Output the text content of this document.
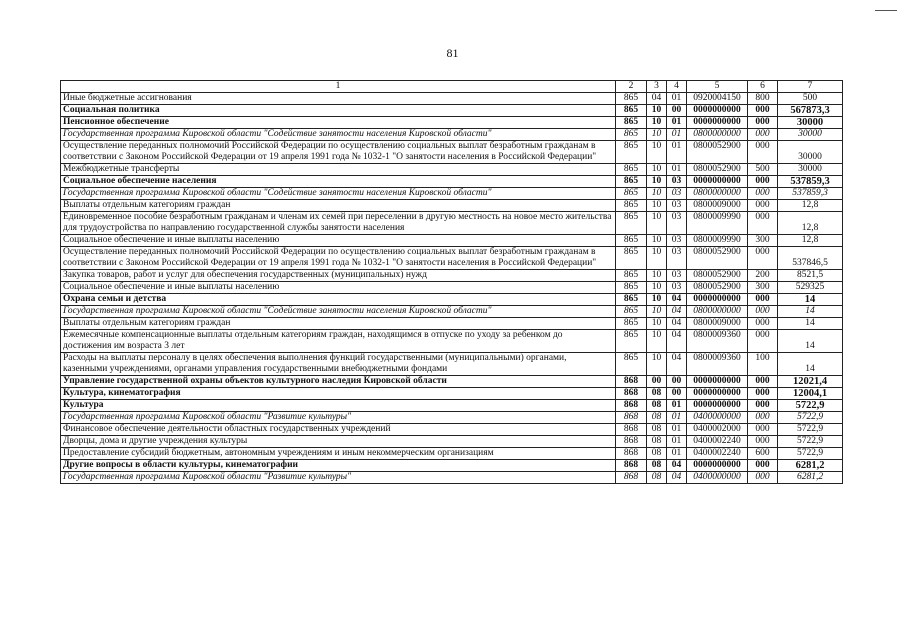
81
1	2	3	4	5	6	7
Иные бюджетные ассигнования	865	04	01	0920004150	800	500
Социальная политика	865	10	00	0000000000	000	567873,3
Пенсионное обеспечение	865	10	01	0000000000	000	30000
Государственная программа Кировской области "Содействие занятости населения Кировской области"	865	10	01	0800000000	000	30000
Осуществление переданных полномочий Российской Федерации по осуществлению социальных выплат безработным гражданам в соответствии с Законом Российской Федерации от 19 апреля 1991 года № 1032-1 "О занятости населения в Российской Федерации"	865	10	01	0800052900	000	30000
Межбюджетные трансферты	865	10	01	0800052900	500	30000
Социальное обеспечение населения	865	10	03	0000000000	000	537859,3
Государственная программа Кировской области "Содействие занятости населения Кировской области"	865	10	03	0800000000	000	537859,3
Выплаты отдельным категориям граждан	865	10	03	0800009000	000	12,8
Единовременное пособие безработным гражданам и членам их семей при переселении в другую местность на новое место жительства для трудоустройства по направлению государственной службы занятости населения	865	10	03	0800009990	000	12,8
Социальное обеспечение и иные выплаты населению	865	10	03	0800009990	300	12,8
Осуществление переданных полномочий Российской Федерации по осуществлению социальных выплат безработным гражданам в соответствии с Законом Российской Федерации от 19 апреля 1991 года № 1032-1 "О занятости населения в Российской Федерации"	865	10	03	0800052900	000	537846,5
Закупка товаров, работ и услуг для обеспечения государственных (муниципальных) нужд	865	10	03	0800052900	200	8521,5
Социальное обеспечение и иные выплаты населению	865	10	03	0800052900	300	529325
Охрана семьи и детства	865	10	04	0000000000	000	14
Государственная программа Кировской области "Содействие занятости населения Кировской области"	865	10	04	0800000000	000	14
Выплаты отдельным категориям граждан	865	10	04	0800009000	000	14
Ежемесячные компенсационные выплаты отдельным категориям граждан, находящимся в отпуске по уходу за ребенком до достижения им возраста 3 лет	865	10	04	0800009360	000	14
Расходы на выплаты персоналу в целях обеспечения выполнения функций государственными (муниципальными) органами, казенными учреждениями, органами управления государственными внебюджетными фондами	865	10	04	0800009360	100	14
Управление государственной охраны объектов культурного наследия Кировской области	868	00	00	0000000000	000	12021,4
Культура, кинематография	868	08	00	0000000000	000	12004,1
Культура	868	08	01	0000000000	000	5722,9
Государственная программа Кировской области "Развитие культуры"	868	08	01	0400000000	000	5722,9
Финансовое обеспечение деятельности областных государственных учреждений	868	08	01	0400002000	000	5722,9
Дворцы, дома и другие учреждения культуры	868	08	01	0400002240	000	5722,9
Предоставление субсидий бюджетным, автономным учреждениям и иным некоммерческим организациям	868	08	01	0400002240	600	5722,9
Другие вопросы в области культуры, кинематографии	868	08	04	0000000000	000	6281,2
Государственная программа Кировской области "Развитие культуры"	868	08	04	0400000000	000	6281,2
